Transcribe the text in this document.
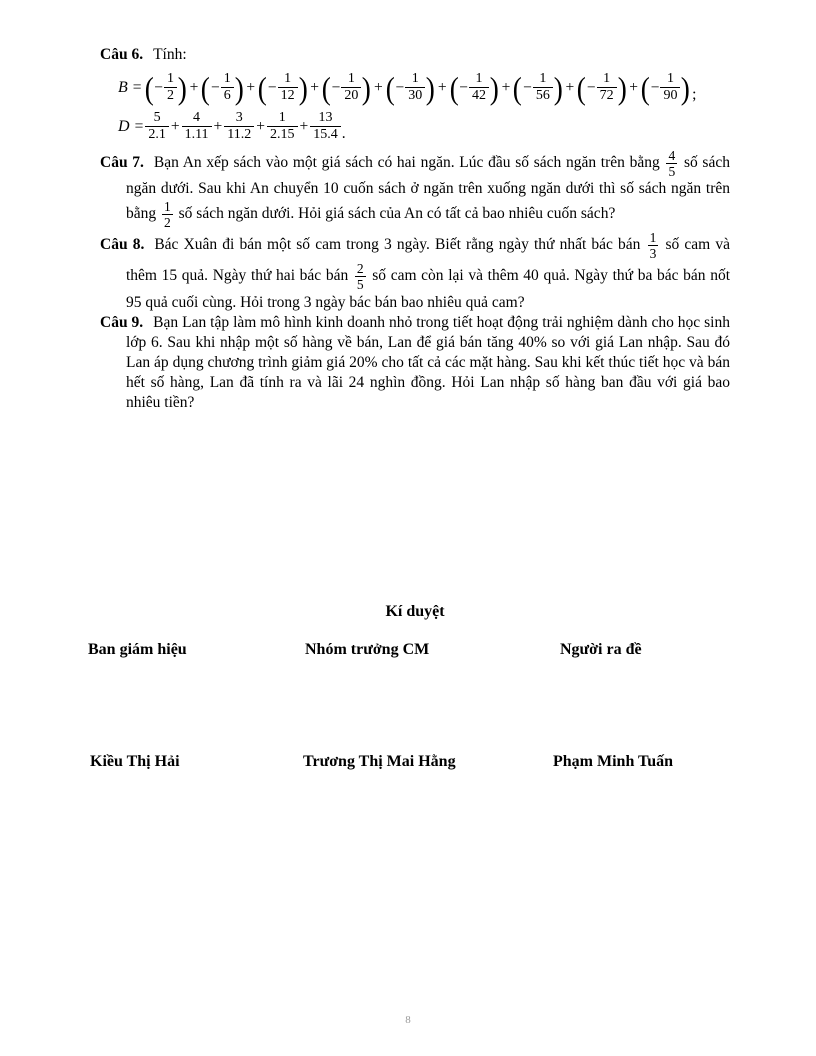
Câu 6. Tính:

B = ( − $\frac{1}{2}$ ) + ( − $\frac{1}{6}$ ) + ( − $\frac{1}{12}$ ) + ( − $\frac{1}{20}$ ) + ( − $\frac{1}{30}$ ) + ( − $\frac{1}{42}$ ) + ( − $\frac{1}{56}$ ) + ( − $\frac{1}{72}$ ) + ( − $\frac{1}{90}$ ) ;
$D = \frac{5}{2.1} + \frac{4}{1.11} + \frac{3}{11.2} + \frac{1}{2.15} + \frac{13}{15.4}$ .

Câu 7. Bạn An xếp sách vào một giá sách có hai ngăn. Lúc đầu số sách ngăn trên bằng $\frac{4}{5}$ số sách ngăn dưới. Sau khi An chuyển 10 cuốn sách ở ngăn trên xuống ngăn dưới thì số sách ngăn trên bằng $\frac{1}{2}$ số sách ngăn dưới. Hỏi giá sách của An có tất cả bao nhiêu cuốn sách?

Câu 8. Bác Xuân đi bán một số cam trong 3 ngày. Biết rằng ngày thứ nhất bác bán $\frac{1}{3}$ số cam và thêm 15 quả. Ngày thứ hai bác bán $\frac{2}{5}$ số cam còn lại và thêm 40 quả. Ngày thứ ba bác bán nốt 95 quả cuối cùng. Hỏi trong 3 ngày bác bán bao nhiêu quả cam?

Câu 9. Bạn Lan tập làm mô hình kinh doanh nhỏ trong tiết hoạt động trải nghiệm dành cho học sinh lớp 6. Sau khi nhập một số hàng về bán, Lan để giá bán tăng 40% so với giá Lan nhập. Sau đó Lan áp dụng chương trình giảm giá 20% cho tất cả các mặt hàng. Sau khi kết thúc tiết học và bán hết số hàng, Lan đã tính ra và lãi 24 nghìn đồng. Hỏi Lan nhập số hàng ban đầu với giá bao nhiêu tiền?

Kí duyệt
Ban giám hiệu	Nhóm trưởng CM	Người ra đề
Kiều Thị Hải	Trương Thị Mai Hằng	Phạm Minh Tuấn
8
